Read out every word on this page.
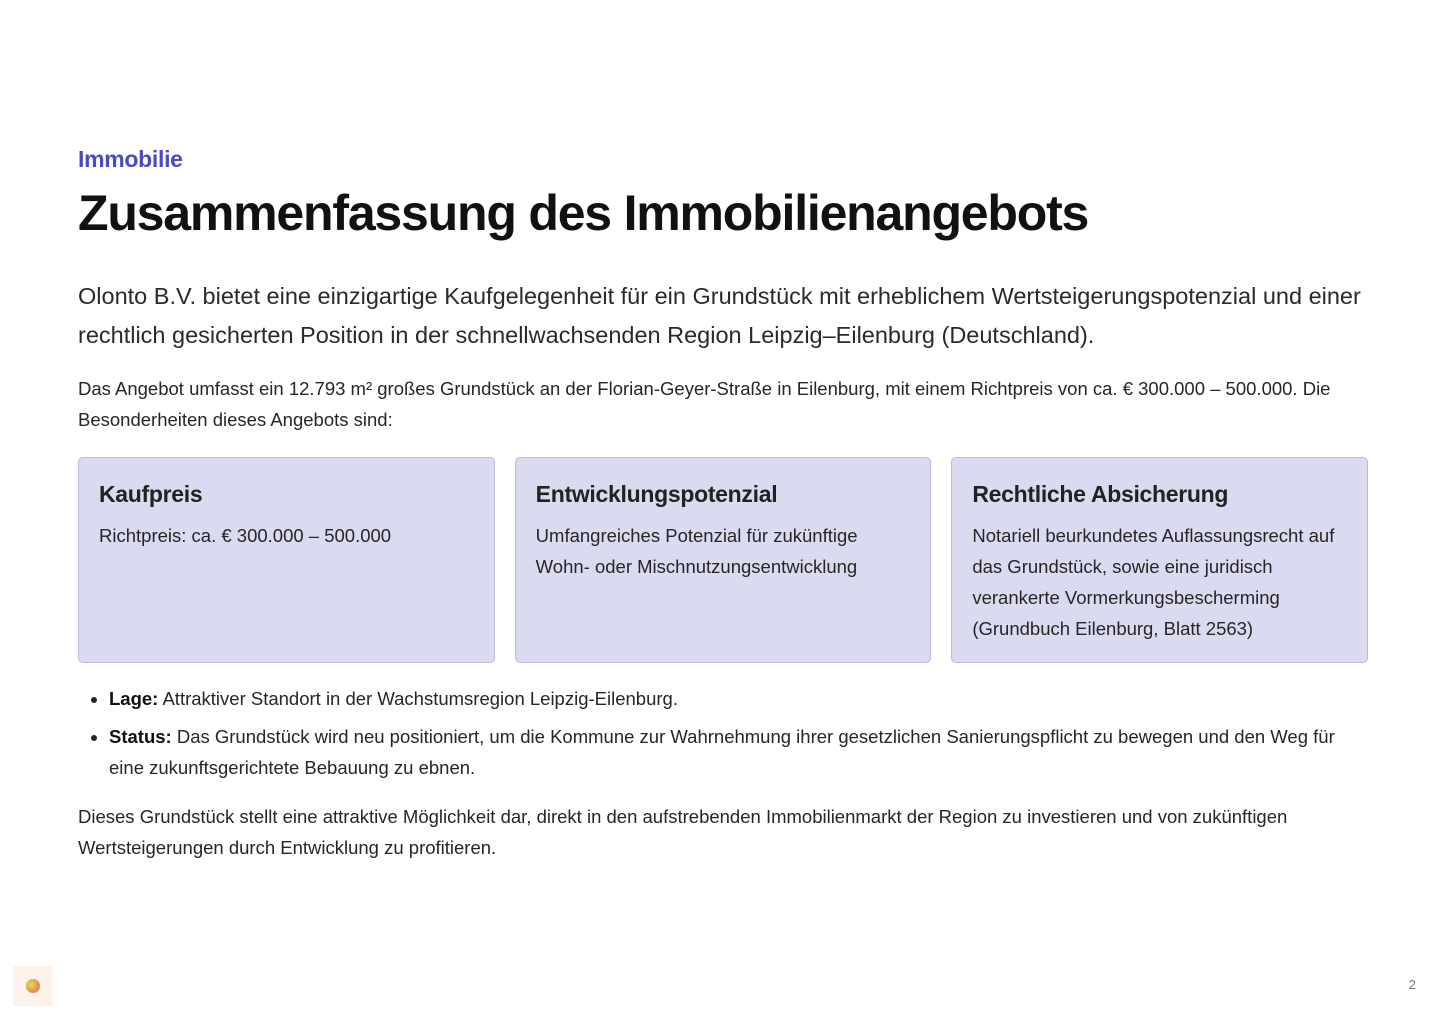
Immobilie

Zusammenfassung des Immobilienangebots

Olonto B.V. bietet eine einzigartige Kaufgelegenheit für ein Grundstück mit erheblichem Wertsteigerungspotenzial und einer rechtlich gesicherten Position in der schnellwachsenden Region Leipzig–Eilenburg (Deutschland).

Das Angebot umfasst ein 12.793 m² großes Grundstück an der Florian-Geyer-Straße in Eilenburg, mit einem Richtpreis von ca. € 300.000 – 500.000. Die Besonderheiten dieses Angebots sind:

Kaufpreis

Richtpreis: ca. € 300.000 – 500.000

Entwicklungspotenzial

Umfangreiches Potenzial für zukünftige Wohn- oder Mischnutzungsentwicklung

Rechtliche Absicherung

Notariell beurkundetes Auflassungsrecht auf das Grundstück, sowie eine juridisch verankerte Vormerkungsbescherming (Grundbuch Eilenburg, Blatt 2563)

• Lage: Attraktiver Standort in der Wachstumsregion Leipzig-Eilenburg.
• Status: Das Grundstück wird neu positioniert, um die Kommune zur Wahrnehmung ihrer gesetzlichen Sanierungspflicht zu bewegen und den Weg für eine zukunftsgerichtete Bebauung zu ebnen.

Dieses Grundstück stellt eine attraktive Möglichkeit dar, direkt in den aufstrebenden Immobilienmarkt der Region zu investieren und von zukünftigen Wertsteigerungen durch Entwicklung zu profitieren.

2
